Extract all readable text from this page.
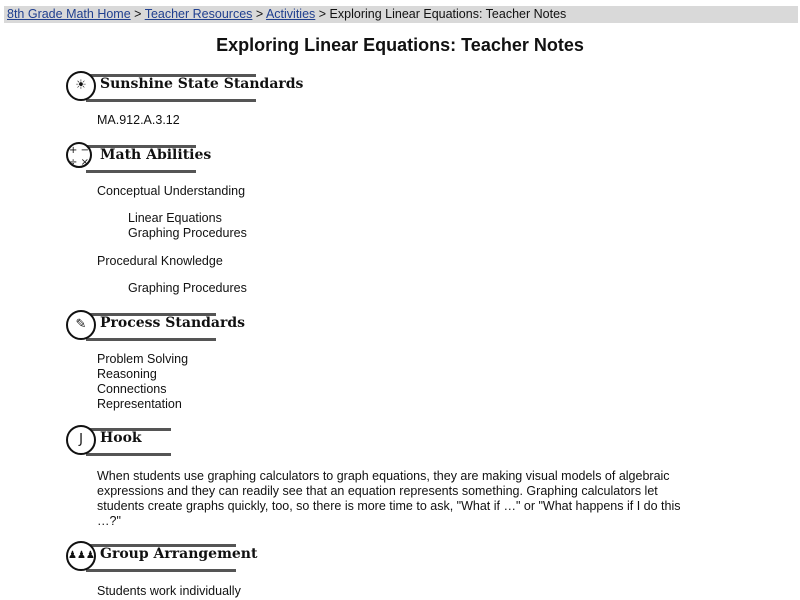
8th Grade Math Home > Teacher Resources > Activities > Exploring Linear Equations: Teacher Notes
Exploring Linear Equations: Teacher Notes
☀ Sunshine State Standards
MA.912.A.3.12
+ −
÷ × Math Abilities
Conceptual Understanding
Linear Equations
Graphing Procedures
Procedural Knowledge
Graphing Procedures
✎ Process Standards
Problem Solving
Reasoning
Connections
Representation
J	Hook

When students use graphing calculators to graph equations, they are making visual models of algebraic expressions and they can readily see that an equation represents something. Graphing calculators let students create graphs quickly, too, so there is more time to ask, "What if …" or "What happens if I do this …?"

♟♟♟ Group Arrangement
Students work individually
